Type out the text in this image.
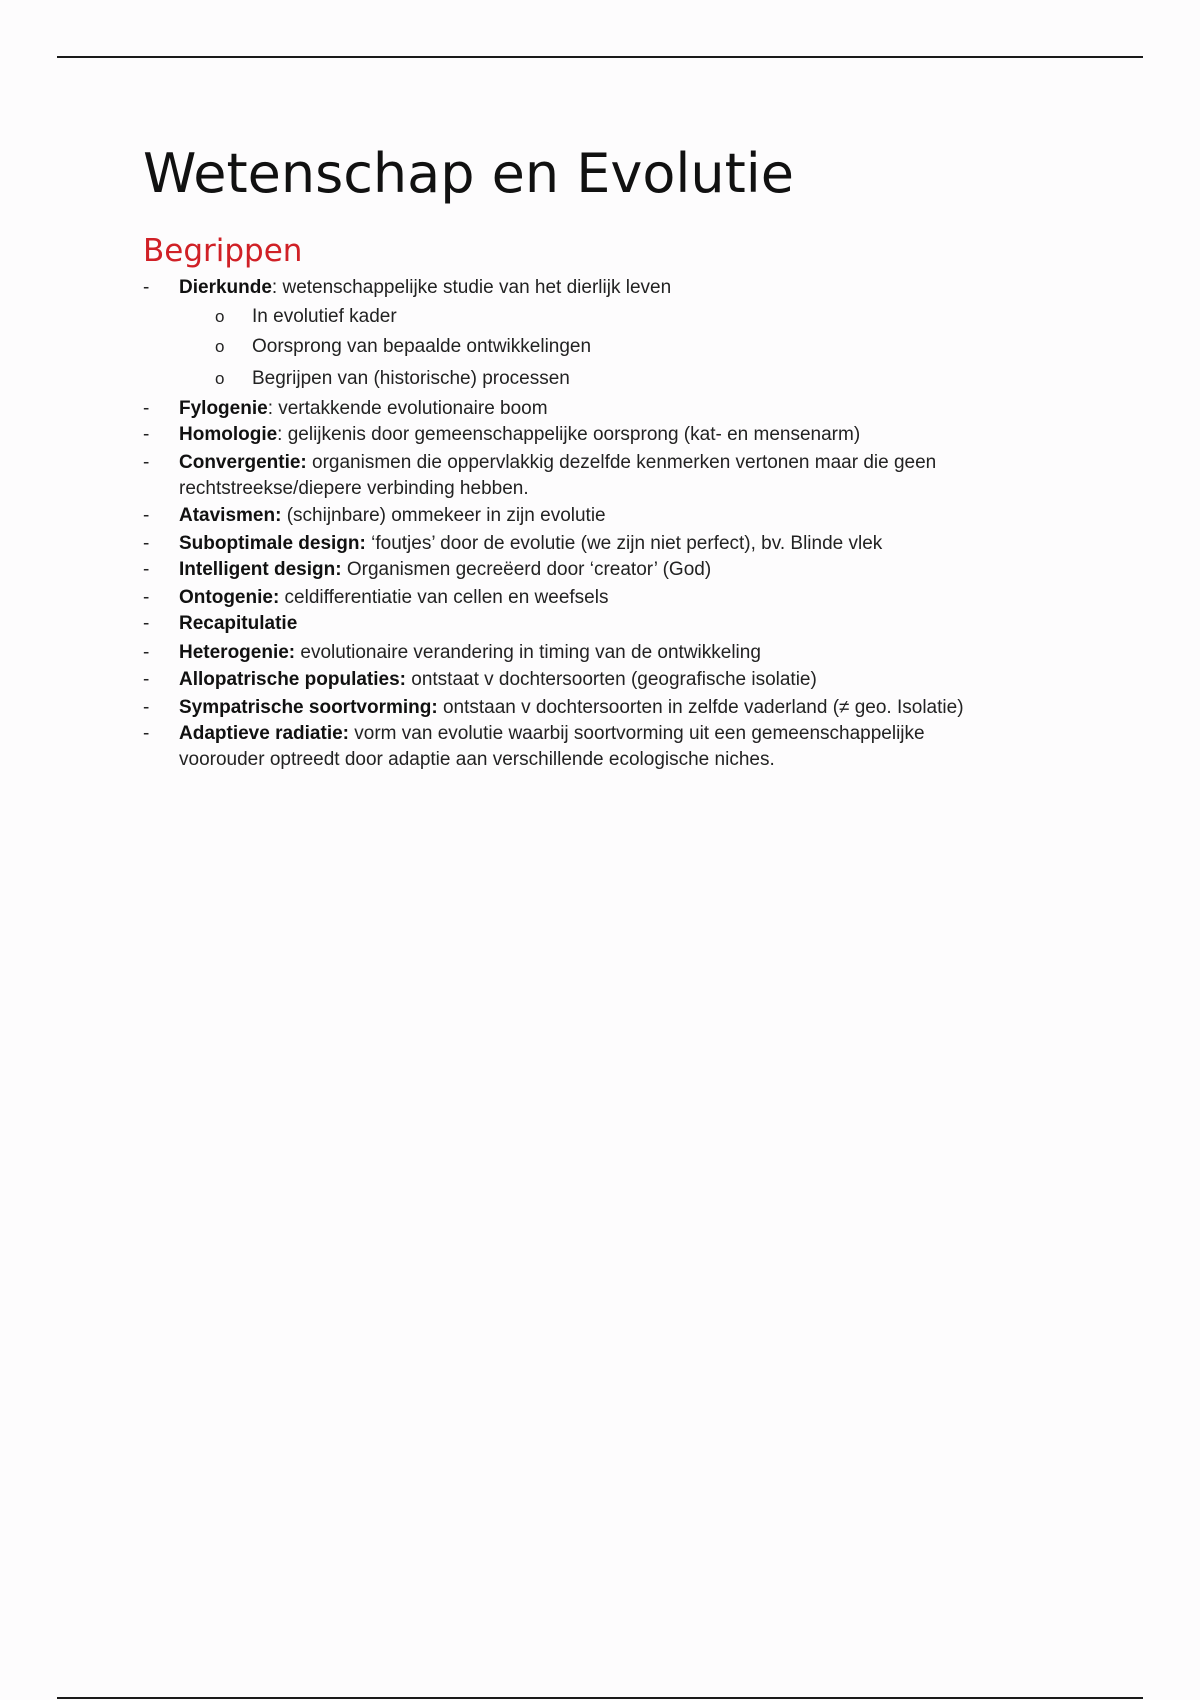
Wetenschap en Evolutie
Begrippen
- Dierkunde: wetenschappelijke studie van het dierlijk leven
o In evolutief kader
o Oorsprong van bepaalde ontwikkelingen
o Begrijpen van (historische) processen
- Fylogenie: vertakkende evolutionaire boom
- Homologie: gelijkenis door gemeenschappelijke oorsprong (kat- en mensenarm)
- Convergentie: organismen die oppervlakkig dezelfde kenmerken vertonen maar die geen
rechtstreekse/diepere verbinding hebben.
- Atavismen: (schijnbare) ommekeer in zijn evolutie
- Suboptimale design: ‘foutjes’ door de evolutie (we zijn niet perfect), bv. Blinde vlek
- Intelligent design: Organismen gecreëerd door ‘creator’ (God)
- Ontogenie: celdifferentiatie van cellen en weefsels
- Recapitulatie
- Heterogenie: evolutionaire verandering in timing van de ontwikkeling
- Allopatrische populaties: ontstaat v dochtersoorten (geografische isolatie)
- Sympatrische soortvorming: ontstaan v dochtersoorten in zelfde vaderland (≠ geo. Isolatie)
- Adaptieve radiatie: vorm van evolutie waarbij soortvorming uit een gemeenschappelijke
voorouder optreedt door adaptie aan verschillende ecologische niches.
